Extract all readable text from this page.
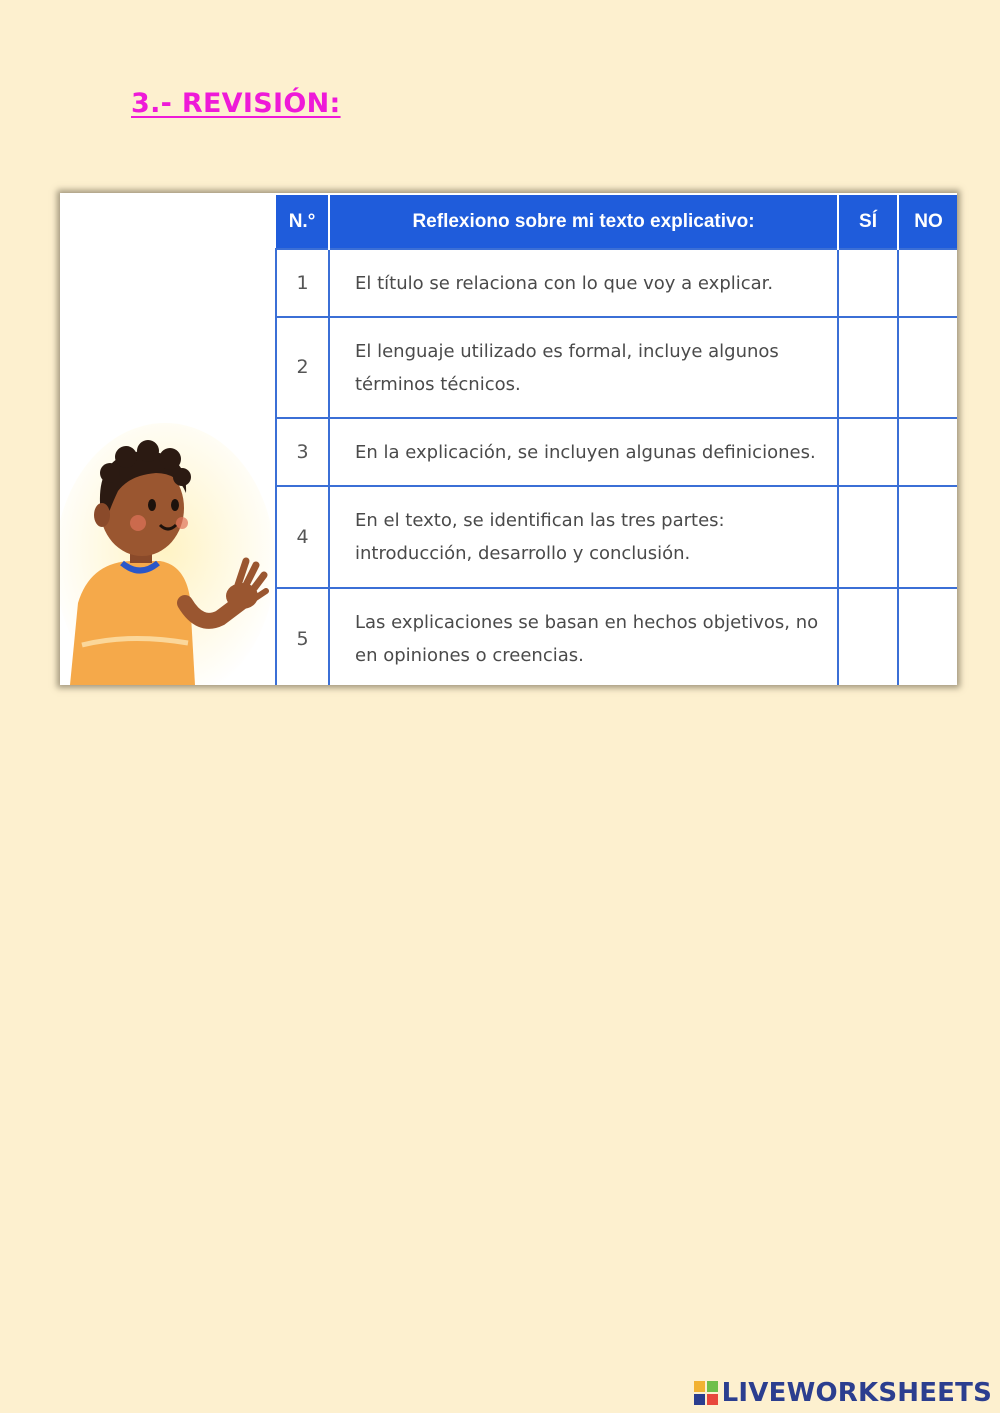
3.- REVISIÓN:
N.°	Reflexiono sobre mi texto explicativo:	SÍ	NO
1	El título se relaciona con lo que voy a explicar.		
2	El lenguaje utilizado es formal, incluye algunos términos técnicos.		
3	En la explicación, se incluyen algunas definiciones.		
4	En el texto, se identifican las tres partes: introducción, desarrollo y conclusión.		
5	Las explicaciones se basan en hechos objetivos, no en opiniones o creencias.		
LIVEWORKSHEETS
